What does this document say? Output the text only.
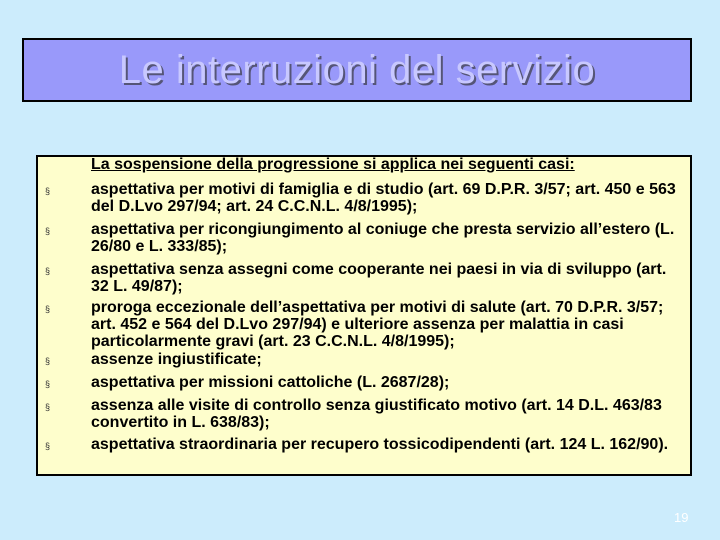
Le interruzioni del servizio
La sospensione della progressione si applica nei seguenti casi:
§	aspettativa per motivi di famiglia e di studio (art. 69 D.P.R. 3/57; art. 450 e 563 del D.Lvo 297/94; art. 24 C.C.N.L. 4/8/1995);
§	aspettativa per ricongiungimento al coniuge che presta servizio all’estero (L. 26/80 e L. 333/85);
§	aspettativa senza assegni come cooperante nei paesi in via di sviluppo (art. 32 L. 49/87);
§	proroga eccezionale dell’aspettativa per motivi di salute (art. 70 D.P.R. 3/57; art. 452 e 564 del D.Lvo 297/94) e ulteriore assenza per malattia in casi particolarmente gravi (art. 23 C.C.N.L. 4/8/1995);
§	assenze ingiustificate;
§	aspettativa per missioni cattoliche (L. 2687/28);
§	assenza alle visite di controllo senza giustificato motivo (art. 14 D.L. 463/83 convertito in L. 638/83);
§	aspettativa straordinaria per recupero tossicodipendenti (art. 124 L. 162/90).
19
